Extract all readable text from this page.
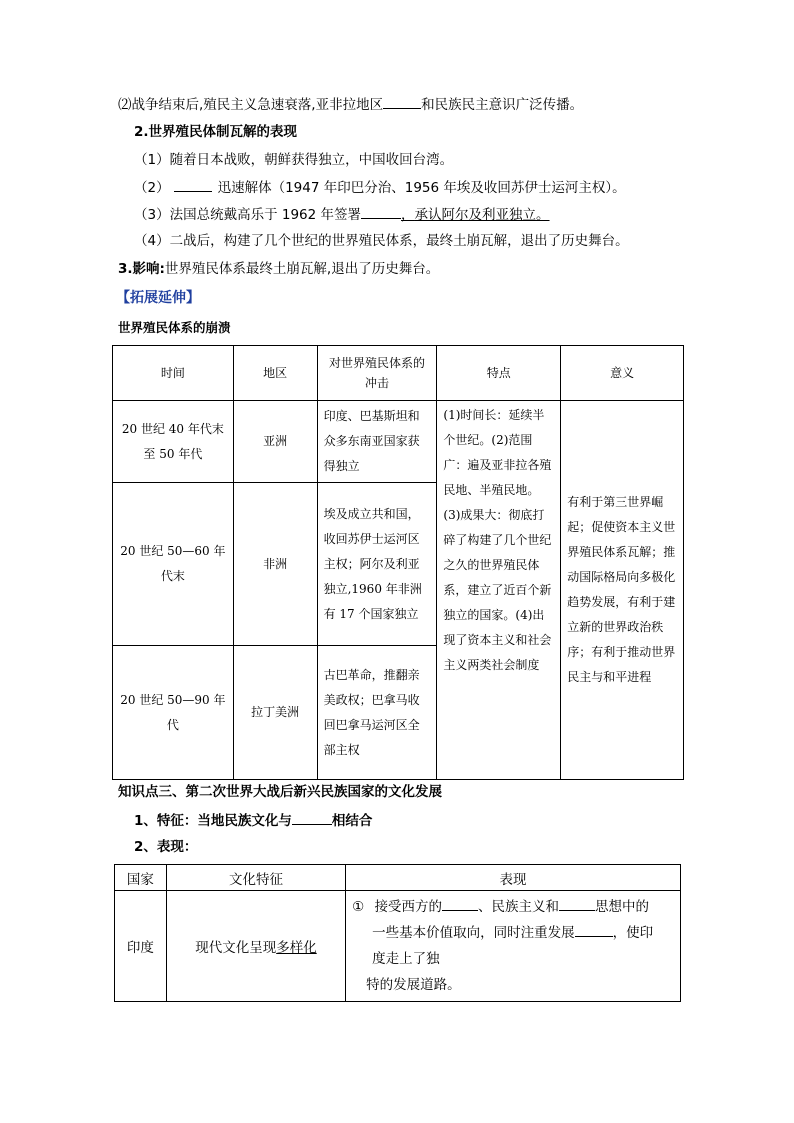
⑵战争结束后,殖民主义急速衰落,亚非拉地区	和民族民主意识广泛传播。
2.世界殖民体制瓦解的表现
（1）随着日本战败，朝鲜获得独立，中国收回台湾。
（2）	迅速解体（1947 年印巴分治、1956 年埃及收回苏伊士运河主权）。
（3）法国总统戴高乐于 1962 年签署	，承认阿尔及利亚独立。
（4）二战后，构建了几个世纪的世界殖民体系，最终土崩瓦解，退出了历史舞台。
3.影响:世界殖民体系最终土崩瓦解,退出了历史舞台。
【拓展延伸】
世界殖民体系的崩溃
时间	地区	对世界殖民体系的冲击	特点	意义
20 世纪 40 年代末至 50 年代	亚洲	印度、巴基斯坦和众多东南亚国家获得独立	(1)时间长：延续半个世纪。(2)范围广：遍及亚非拉各殖民地、半殖民地。(3)成果大：彻底打碎了构建了几个世纪之久的世界殖民体系，建立了近百个新独立的国家。(4)出现了资本主义和社会主义两类社会制度	有利于第三世界崛起；促使资本主义世界殖民体系瓦解；推动国际格局向多极化趋势发展，有利于建立新的世界政治秩序；有利于推动世界民主与和平进程
20 世纪 50—60 年代末	非洲	埃及成立共和国，收回苏伊士运河区主权；阿尔及利亚独立,1960 年非洲有 17 个国家独立		
20 世纪 50—90 年代	拉丁美洲	古巴革命，推翻亲美政权；巴拿马收回巴拿马运河区全部主权		
知识点三、第二次世界大战后新兴民族国家的文化发展
1、特征：当地民族文化与	相结合
2、表现：
国家	文化特征	表现
印度	现代文化呈现多样化	① 接受西方的 、民族主义和 思想中的
一些基本价值取向，同时注重发展 ，使印
度走上了独
特的发展道路。
